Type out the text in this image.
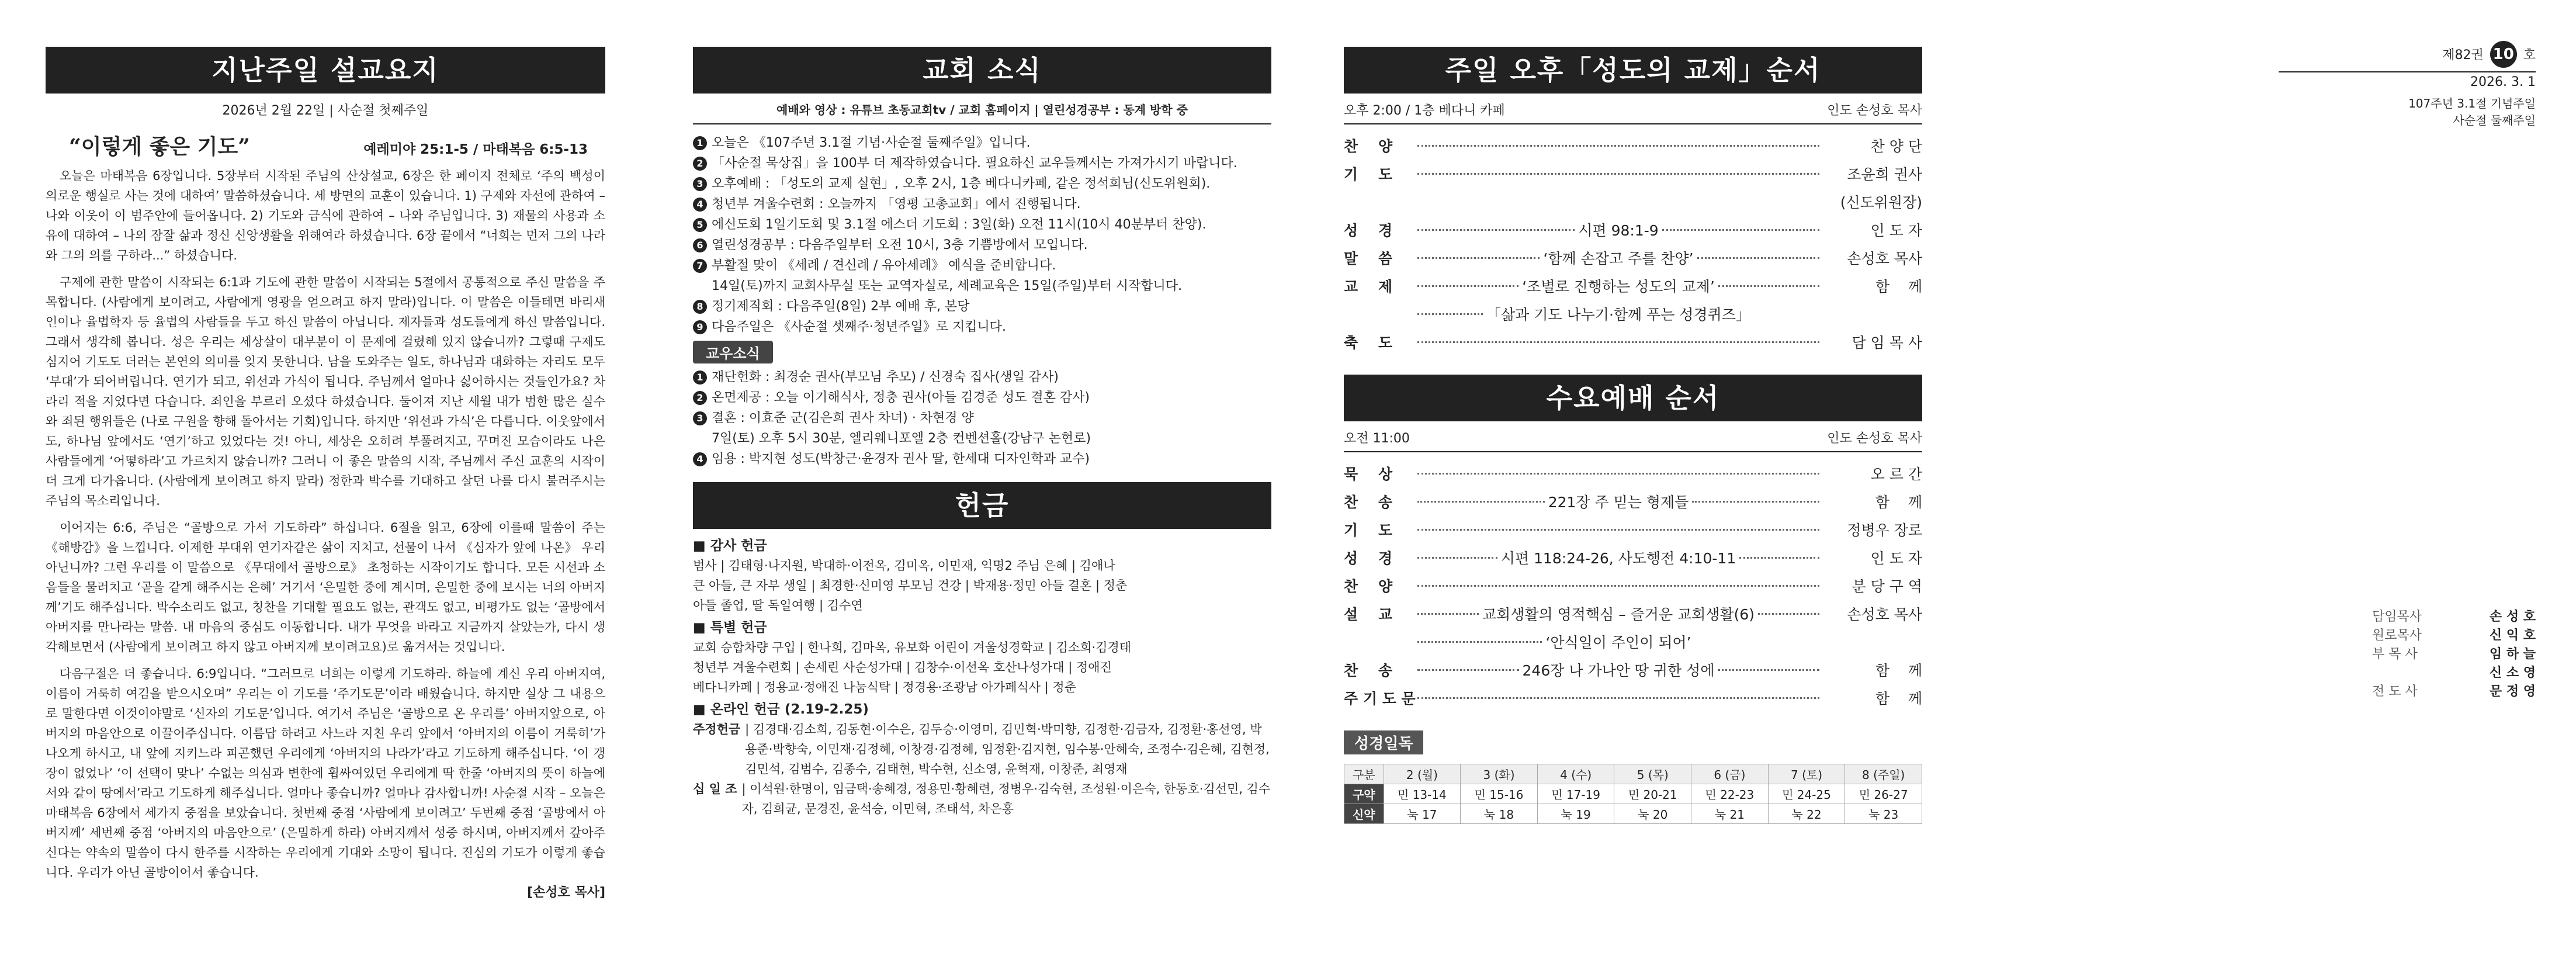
지난주일 설교요지
2026년 2월 22일 | 사순절 첫째주일
“이렇게 좋은 기도”	예레미야 25:1-5 / 마태복음 6:5-13

오늘은 마태복음 6장입니다. 5장부터 시작된 주님의 산상설교, 6장은 한 페이지 전체로 ‘주의 백성이 의로운 행실로 사는 것에 대하여’ 말씀하셨습니다. 세 방면의 교훈이 있습니다. 1) 구제와 자선에 관하여 – 나와 이웃이 이 범주안에 들어옵니다. 2) 기도와 금식에 관하여 – 나와 주님입니다. 3) 재물의 사용과 소유에 대하여 – 나의 잠잘 삶과 정신 신앙생활을 위해여라 하셨습니다. 6장 끝에서 “너희는 먼저 그의 나라와 그의 의를 구하라...” 하셨습니다.

구제에 관한 말씀이 시작되는 6:1과 기도에 관한 말씀이 시작되는 5절에서 공통적으로 주신 말씀을 주목합니다. (사람에게 보이려고, 사람에게 영광을 얻으려고 하지 말라)입니다. 이 말씀은 이들테면 바리새인이나 율법학자 등 율법의 사람들을 두고 하신 말씀이 아닙니다. 제자들과 성도들에게 하신 말씀입니다. 그래서 생각해 봅니다. 성은 우리는 세상살이 대부분이 이 문제에 걸렸해 있지 않습니까? 그렇때 구제도 심지어 기도도 더러는 본연의 의미를 잊지 못한니다. 남을 도와주는 일도, 하나님과 대화하는 자리도 모두 ‘부대’가 되어버립니다. 연기가 되고, 위선과 가식이 됩니다. 주님께서 얼마나 싫어하시는 것들인가요? 차라리 적을 지었다면 다습니다. 죄인을 부르러 오셨다 하셨습니다. 둘어져 지난 세월 내가 범한 많은 실수와 죄된 행위들은 (나로 구원을 향해 돌아서는 기회)입니다. 하지만 ‘위선과 가식’은 다릅니다. 이웃앞에서도, 하나님 앞에서도 ‘연기’하고 있었다는 것! 아니, 세상은 오히려 부풀려지고, 꾸며진 모습이라도 나은 사람들에게 ‘어떻하라’고 가르치지 않습니까? 그러니 이 좋은 말씀의 시작, 주님께서 주신 교훈의 시작이 더 크게 다가옵니다. (사람에게 보이려고 하지 말라) 정한과 박수를 기대하고 살던 나를 다시 불러주시는 주님의 목소리입니다.

이어지는 6:6, 주님은 “골방으로 가서 기도하라” 하십니다. 6절을 읽고, 6장에 이를때 말씀이 주는 《해방감》을 느낍니다. 이제한 부대위 연기자같은 삶이 지치고, 선물이 나서 《심자가 앞에 나온》 우리 아닌니까? 그런 우리를 이 말씀으로 《무대에서 골방으로》 초청하는 시작이기도 합니다. 모든 시선과 소음들을 물러치고 ‘곧을 같게 해주시는 은혜’ 거기서 ‘은밀한 중에 계시며, 은밀한 중에 보시는 너의 아버지께’기도 해주십니다. 박수소리도 없고, 칭찬을 기대할 필요도 없는, 관객도 없고, 비평가도 없는 ‘골방에서 아버지를 만나라는 말씀. 내 마음의 중심도 이동합니다. 내가 무엇을 바라고 지금까지 살았는가, 다시 생각해보면서 (사람에게 보이려고 하지 않고 아버지께 보이려고요)로 옮겨서는 것입니다.

다음구절은 더 좋습니다. 6:9입니다. “그러므로 너희는 이렇게 기도하라. 하늘에 계신 우리 아버지여, 이름이 거룩히 여김을 받으시오며” 우리는 이 기도를 ‘주기도문’이라 배웠습니다. 하지만 실상 그 내용으로 말한다면 이것이야말로 ‘신자의 기도문’입니다. 여기서 주님은 ‘골방으로 온 우리를’ 아버지앞으로, 아버지의 마음안으로 이끌어주십니다. 이름답 하려고 사느라 지친 우리 앞에서 ‘아버지의 이름이 거룩히’가 나오게 하시고, 내 앞에 지키느라 피곤했던 우리에게 ‘아버지의 나라가’라고 기도하게 해주십니다. ‘이 갱장이 없었나’ ‘이 선택이 맞나’ 수없는 의심과 변한에 휩싸여있던 우리에게 딱 한줄 ‘아버지의 뜻이 하늘에서와 같이 땅에서’라고 기도하게 해주십니다. 얼마나 좋습니까? 얼마나 감사합니까! 사순절 시작 – 오늘은 마태복음 6장에서 세가지 중점을 보았습니다. 첫번째 중점 ‘사람에게 보이려고’ 두번째 중점 ‘골방에서 아버지께’ 세번째 중점 ‘아버지의 마음안으로’ (은밀하게 하라) 아버지께서 성중 하시며, 아버지께서 갚아주신다는 약속의 말씀이 다시 한주를 시작하는 우리에게 기대와 소망이 됩니다. 진심의 기도가 이렇게 좋습니다. 우리가 아닌 골방이어서 좋습니다.

[손성호 목사]
교회 소식
예배와 영상 : 유튜브 초동교회tv / 교회 홈페이지 | 열린성경공부 : 동계 방학 중
1 오늘은 《107주년 3.1절 기념·사순절 둘째주일》입니다.
2 「사순절 묵상집」을 100부 더 제작하였습니다. 필요하신 교우들께서는 가져가시기 바랍니다.
3 오후예배 : 「성도의 교제 실현」, 오후 2시, 1층 베다니카페, 같은 정석희님(신도위원회).
4 청년부 겨울수련회 : 오늘까지 「영평 고총교회」에서 진행됩니다.
5 에신도회 1일기도회 및 3.1절 에스더 기도회 : 3일(화) 오전 11시(10시 40분부터 찬양).
6 열린성경공부 : 다음주일부터 오전 10시, 3층 기쁨방에서 모입니다.
7 부활절 맞이 《세례 / 견신례 / 유아세례》 예식을 준비합니다.
14일(토)까지 교회사무실 또는 교역자실로, 세례교육은 15일(주일)부터 시작합니다.
8 정기제직회 : 다음주일(8일) 2부 예배 후, 본당
9 다음주일은 《사순절 셋째주·청년주일》로 지킵니다.
교우소식
1 재단헌화 : 최경순 권사(부모님 추모) / 신경숙 집사(생일 감사)
2 온면제공 : 오늘 이기해식사, 정충 권사(아들 김경준 성도 결혼 감사)
3 결혼 : 이효준 군(김은희 권사 차녀) · 차현경 양
7일(토) 오후 5시 30분, 엘리웨니포엘 2층 컨벤션홀(강남구 논현로)
4 임용 : 박지현 성도(박창근·윤경자 권사 딸, 한세대 디자인학과 교수)
헌금
■ 감사 헌금
범사 | 김태형·나지원, 박대하·이전옥, 김미옥, 이민재, 익명2 주님 은혜 | 김애나
큰 아들, 큰 자부 생일 | 최경한·신미영 부모님 건강 | 박재용·정민 아들 결혼 | 정춘
아들 졸업, 딸 독일여행 | 김수연
■ 특별 헌금
교회 승합차량 구입 | 한나희, 김마옥, 유보화 어린이 겨울성경학교 | 김소희·김경태
청년부 겨울수련회 | 손세린 사순성가대 | 김창수·이선옥 호산나성가대 | 정애진
베다니카페 | 정용교·정애진 나눔식탁 | 정경용·조광남 아가페식사 | 정춘
■ 온라인 헌금 (2.19-2.25)
주정헌금 | 김경대·김소희, 김동현·이수은, 김두승·이영미, 김민혁·박미향, 김정한·김금자, 김정환·홍선영, 박용준·박향숙, 이민재·김정혜, 이창경·김정혜, 임정환·김지현, 임수봉·안혜숙, 조정수·김은혜, 김현정, 김민석, 김범수, 김종수, 김태현, 박수현, 신소영, 윤혁재, 이창준, 최영재
십 일 조 | 이석원·한명이, 임금택·송혜경, 정용민·황혜련, 정병우·김숙현, 조성원·이은숙, 한동호·김선민, 김수자, 김희균, 문경진, 윤석승, 이민혁, 조태석, 차은홍
주일 오후「성도의 교제」순서
오후 2:00 / 1층 베다니 카페	인도 손성호 목사
찬    양	찬 양 단
기    도	조윤희 권사
(신도위원장)
성    경	시편 98:1-9	인 도 자
말    씀	‘함께 손잡고 주를 찬양’	손성호 목사
교    제	‘조별로 진행하는 성도의 교제’	함    께
「삶과 기도 나누기·함께 푸는 성경퀴즈」
축    도	담 임 목 사
수요예배 순서
오전 11:00	인도 손성호 목사
묵    상	오 르 간
찬    송	221장 주 믿는 형제들	함    께
기    도	정병우 장로
성    경	시편 118:24-26, 사도행전 4:10-11	인 도 자
찬    양	분 당 구 역
설    교	교회생활의 영적핵심 – 즐거운 교회생활(6)	손성호 목사
‘안식일이 주인이 되어’
찬    송	246장 나 가나안 땅 귀한 성에	함    께
주 기 도 문	함    께
성경일독
구분	2 (월)	3 (화)	4 (수)	5 (목)	6 (금)	7 (토)	8 (주일)
구약	민 13-14	민 15-16	민 17-19	민 20-21	민 22-23	민 24-25	민 26-27
신약	눅 17	눅 18	눅 19	눅 20	눅 21	눅 22	눅 23
제82권 10 호
2026. 3. 1
107주년 3.1절 기념주일
사순절 둘째주일
담임목사	손 성 호
원로목사	신 익 호
부 목 사	임 하 늘
신 소 영
전 도 사	문 정 영
